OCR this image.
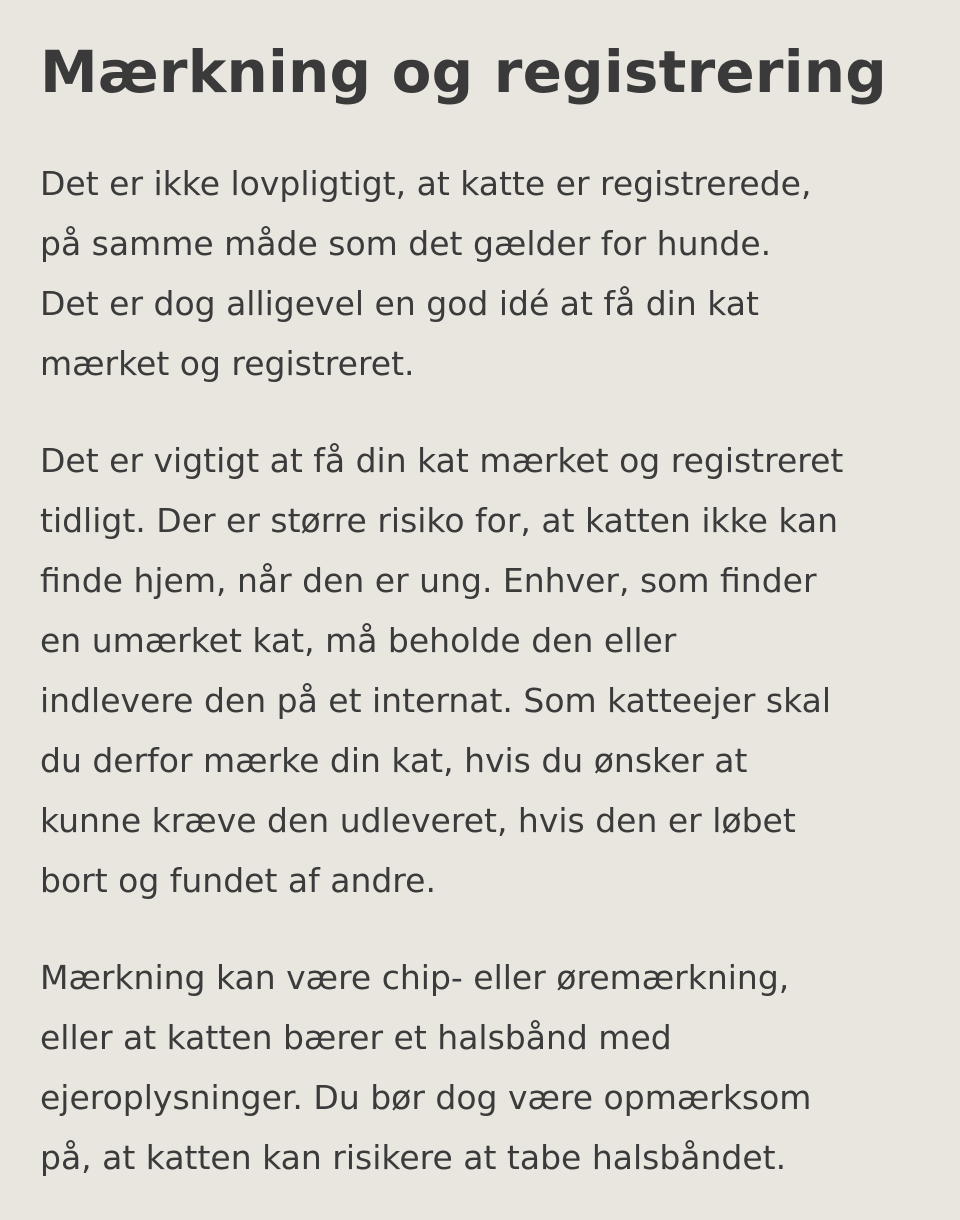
Mærkning og registrering

Det er ikke lovpligtigt, at katte er registrerede,
på samme måde som det gælder for hunde.
Det er dog alligevel en god idé at få din kat
mærket og registreret.

Det er vigtigt at få din kat mærket og registreret
tidligt. Der er større risiko for, at katten ikke kan
finde hjem, når den er ung. Enhver, som finder
en umærket kat, må beholde den eller
indlevere den på et internat. Som katteejer skal
du derfor mærke din kat, hvis du ønsker at
kunne kræve den udleveret, hvis den er løbet
bort og fundet af andre.

Mærkning kan være chip- eller øremærkning,
eller at katten bærer et halsbånd med
ejeroplysninger. Du bør dog være opmærksom
på, at katten kan risikere at tabe halsbåndet.
